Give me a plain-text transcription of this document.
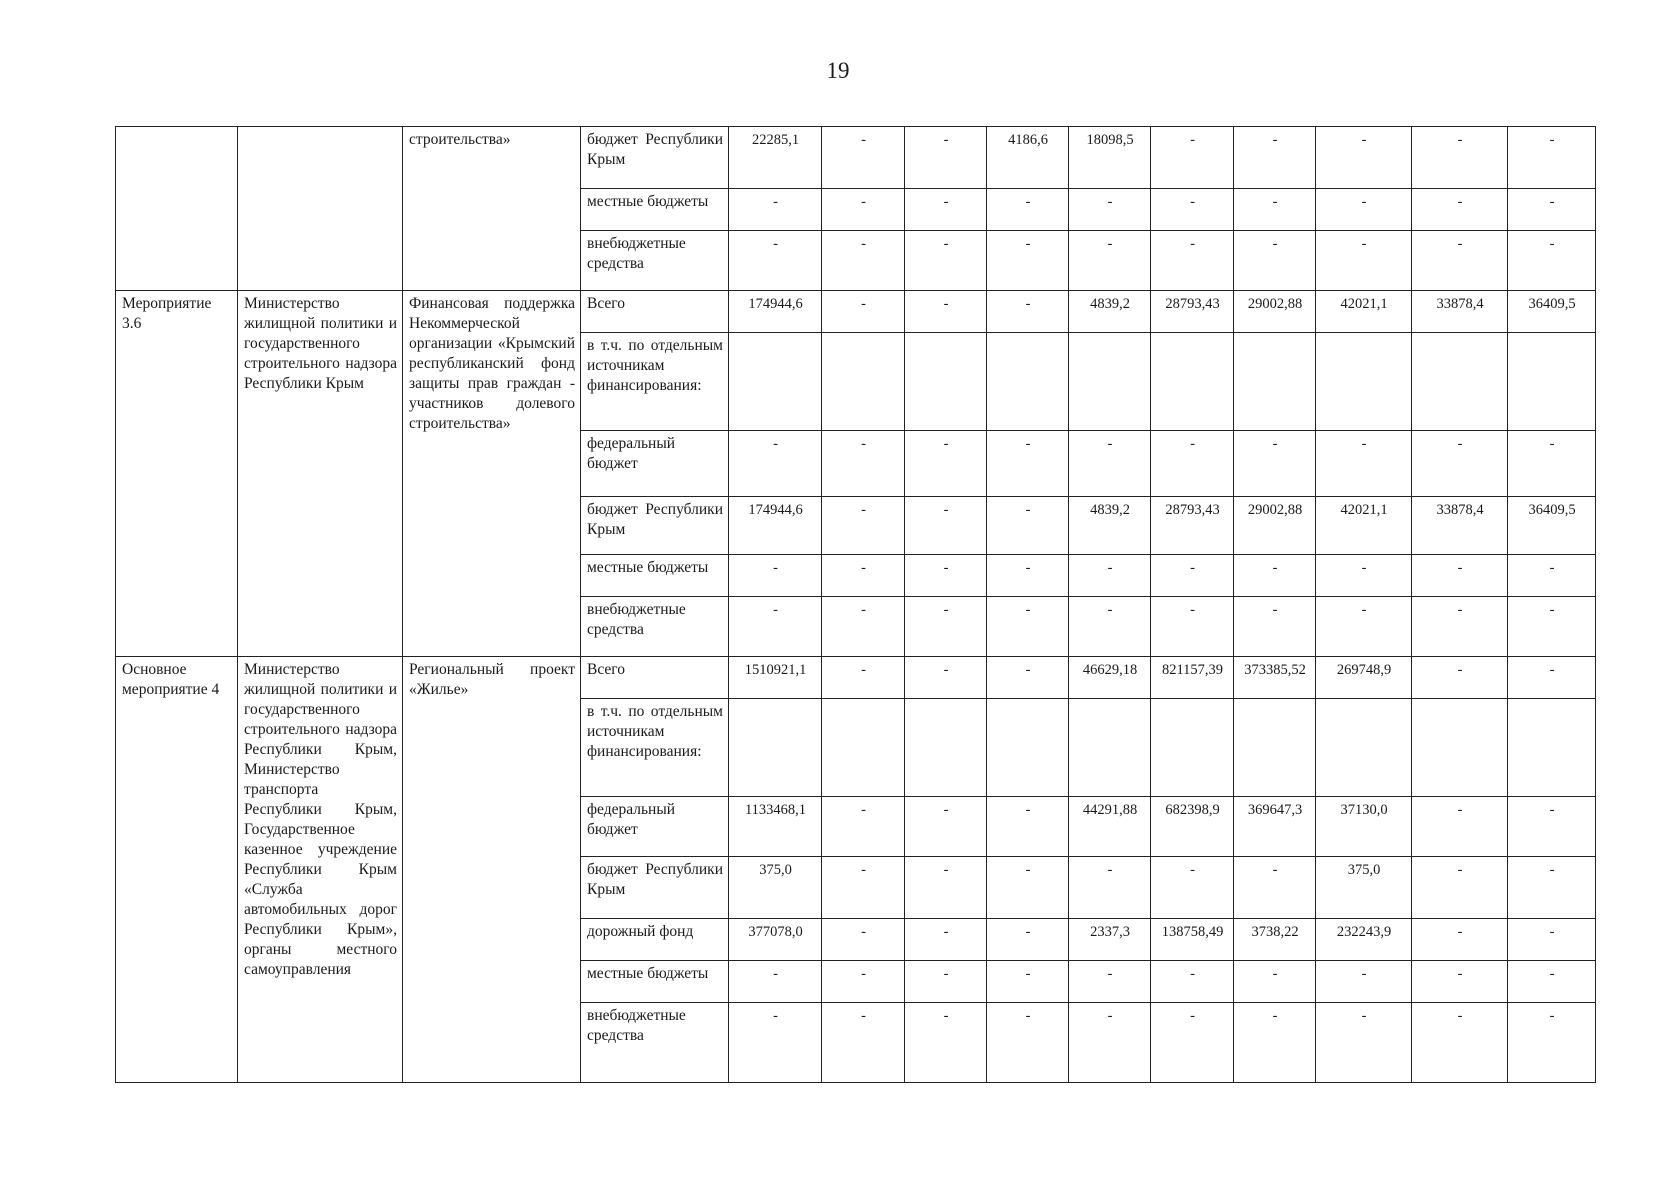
19
		строительства»	бюджет Республики Крым	22285,1	-	-	4186,6	18098,5	-	-	-	-	-
			местные бюджеты	-	-	-	-	-	-	-	-	-	-
			внебюджетные средства	-	-	-	-	-	-	-	-	-	-
Мероприятие 3.6	Министерство жилищной политики и государственного строительного надзора Республики Крым	Финансовая поддержка Некоммерческой организации «Крымский республиканский фонд защиты прав граждан - участников долевого строительства»	Всего	174944,6	-	-	-	4839,2	28793,43	29002,88	42021,1	33878,4	36409,5
			в т.ч. по отдельным источникам финансирования:										
			федеральный бюджет	-	-	-	-	-	-	-	-	-	-
			бюджет Республики Крым	174944,6	-	-	-	4839,2	28793,43	29002,88	42021,1	33878,4	36409,5
			местные бюджеты	-	-	-	-	-	-	-	-	-	-
			внебюджетные средства	-	-	-	-	-	-	-	-	-	-
Основное мероприятие 4	Министерство жилищной политики и государственного строительного надзора Республики Крым, Министерство транспорта Республики Крым, Государственное казенное учреждение Республики Крым «Служба автомобильных дорог Республики Крым», органы местного самоуправления	Региональный проект «Жилье»	Всего	1510921,1	-	-	-	46629,18	821157,39	373385,52	269748,9	-	-
			в т.ч. по отдельным источникам финансирования:										
			федеральный бюджет	1133468,1	-	-	-	44291,88	682398,9	369647,3	37130,0	-	-
			бюджет Республики Крым	375,0	-	-	-	-	-	-	375,0	-	-
			дорожный фонд	377078,0	-	-	-	2337,3	138758,49	3738,22	232243,9	-	-
			местные бюджеты	-	-	-	-	-	-	-	-	-	-
			внебюджетные средства	-	-	-	-	-	-	-	-	-	-
